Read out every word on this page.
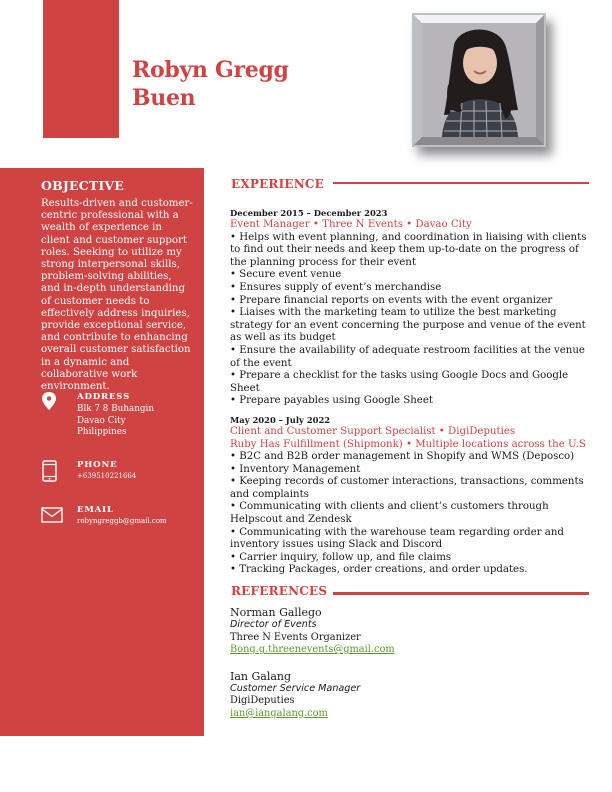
Robyn Gregg
Buen
OBJECTIVE
Results-driven and customer-centric professional with a wealth of experience in client and customer support roles. Seeking to utilize my strong interpersonal skills, problem-solving abilities, and in-depth understanding of customer needs to effectively address inquiries, provide exceptional service, and contribute to enhancing overall customer satisfaction in a dynamic and collaborative work environment.
ADDRESS
Blk 7 8 Buhangin
Davao City
Philippines
PHONE
+639510221664
EMAIL
robyngreggb@gmail.com
EXPERIENCE
December 2015 – December 2023
Event Manager • Three N Events • Davao City
• Helps with event planning, and coordination in liaising with clients to find out their needs and keep them up-to-date on the progress of the planning process for their event
• Secure event venue
• Ensures supply of event’s merchandise
• Prepare financial reports on events with the event organizer
• Liaises with the marketing team to utilize the best marketing strategy for an event concerning the purpose and venue of the event as well as its budget
• Ensure the availability of adequate restroom facilities at the venue of the event
• Prepare a checklist for the tasks using Google Docs and Google Sheet
• Prepare payables using Google Sheet
May 2020 – July 2022
Client and Customer Support Specialist • DigiDeputies
Ruby Has Fulfillment (Shipmonk) • Multiple locations across the U.S
• B2C and B2B order management in Shopify and WMS (Deposco)
• Inventory Management
• Keeping records of customer interactions, transactions, comments and complaints
• Communicating with clients and client’s customers through Helpscout and Zendesk
• Communicating with the warehouse team regarding order and inventory issues using Slack and Discord
• Carrier inquiry, follow up, and file claims
• Tracking Packages, order creations, and order updates.
REFERENCES
Norman Gallego
Director of Events
Three N Events Organizer
Bong.g.threenevents@gmail.com
Ian Galang
Customer Service Manager
DigiDeputies
ian@iangalang.com
